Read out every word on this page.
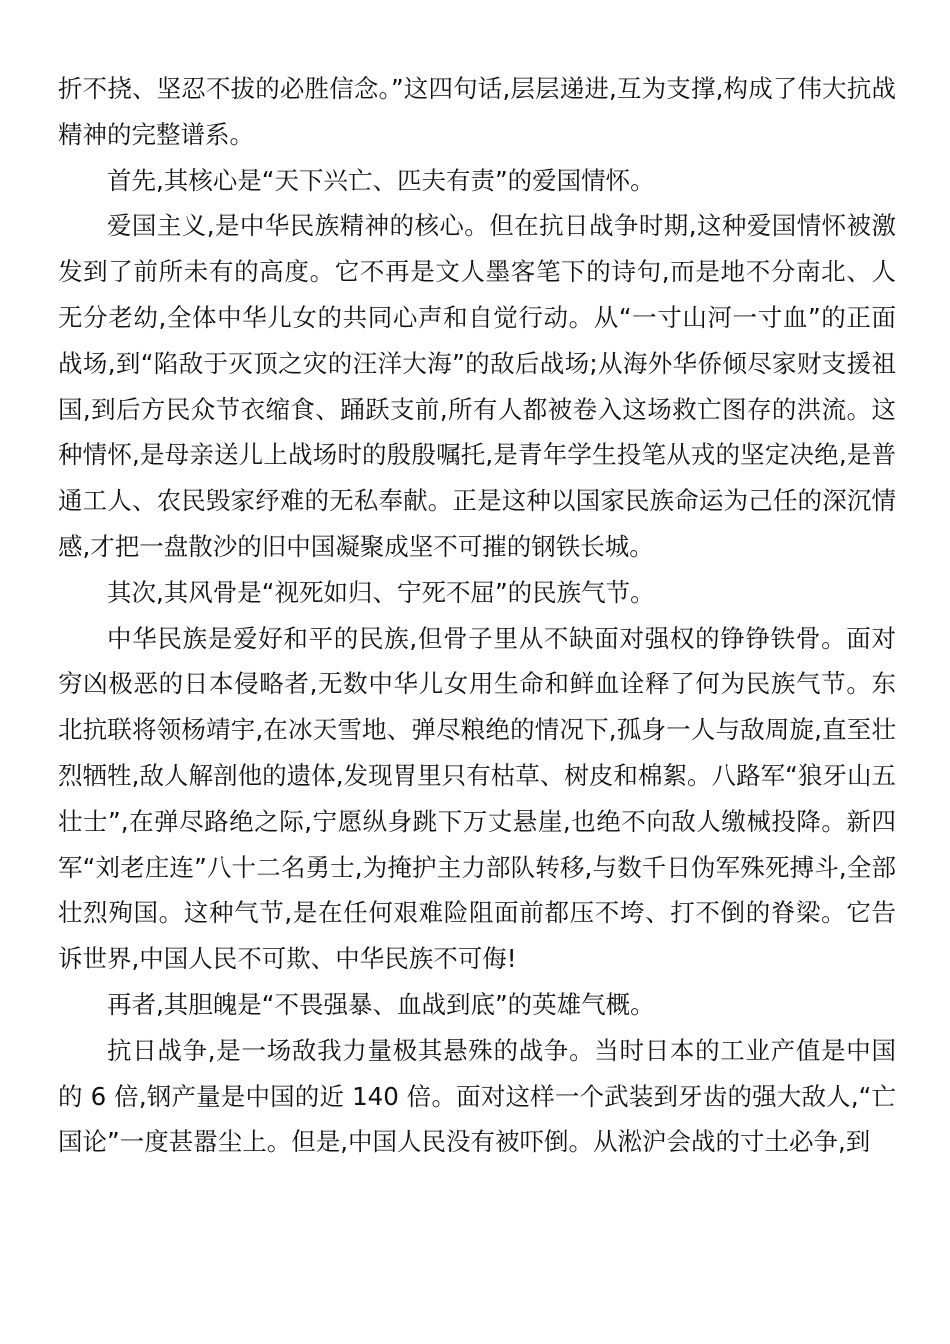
折不挠、坚忍不拔的必胜信念。”这四句话,层层递进,互为支撑,构成了伟大抗战精神的完整谱系。

首先,其核心是“天下兴亡、匹夫有责”的爱国情怀。

爱国主义,是中华民族精神的核心。但在抗日战争时期,这种爱国情怀被激发到了前所未有的高度。它不再是文人墨客笔下的诗句,而是地不分南北、人无分老幼,全体中华儿女的共同心声和自觉行动。从“一寸山河一寸血”的正面战场,到“陷敌于灭顶之灾的汪洋大海”的敌后战场;从海外华侨倾尽家财支援祖国,到后方民众节衣缩食、踊跃支前,所有人都被卷入这场救亡图存的洪流。这种情怀,是母亲送儿上战场时的殷殷嘱托,是青年学生投笔从戎的坚定决绝,是普通工人、农民毁家纾难的无私奉献。正是这种以国家民族命运为己任的深沉情感,才把一盘散沙的旧中国凝聚成坚不可摧的钢铁长城。

其次,其风骨是“视死如归、宁死不屈”的民族气节。

中华民族是爱好和平的民族,但骨子里从不缺面对强权的铮铮铁骨。面对穷凶极恶的日本侵略者,无数中华儿女用生命和鲜血诠释了何为民族气节。东北抗联将领杨靖宇,在冰天雪地、弹尽粮绝的情况下,孤身一人与敌周旋,直至壮烈牺牲,敌人解剖他的遗体,发现胃里只有枯草、树皮和棉絮。八路军“狼牙山五壮士”,在弹尽路绝之际,宁愿纵身跳下万丈悬崖,也绝不向敌人缴械投降。新四军“刘老庄连”八十二名勇士,为掩护主力部队转移,与数千日伪军殊死搏斗,全部壮烈殉国。这种气节,是在任何艰难险阻面前都压不垮、打不倒的脊梁。它告诉世界,中国人民不可欺、中华民族不可侮!

再者,其胆魄是“不畏强暴、血战到底”的英雄气概。

抗日战争,是一场敌我力量极其悬殊的战争。当时日本的工业产值是中国的 6 倍,钢产量是中国的近 140 倍。面对这样一个武装到牙齿的强大敌人,“亡国论”一度甚嚣尘上。但是,中国人民没有被吓倒。从淞沪会战的寸土必争,到
